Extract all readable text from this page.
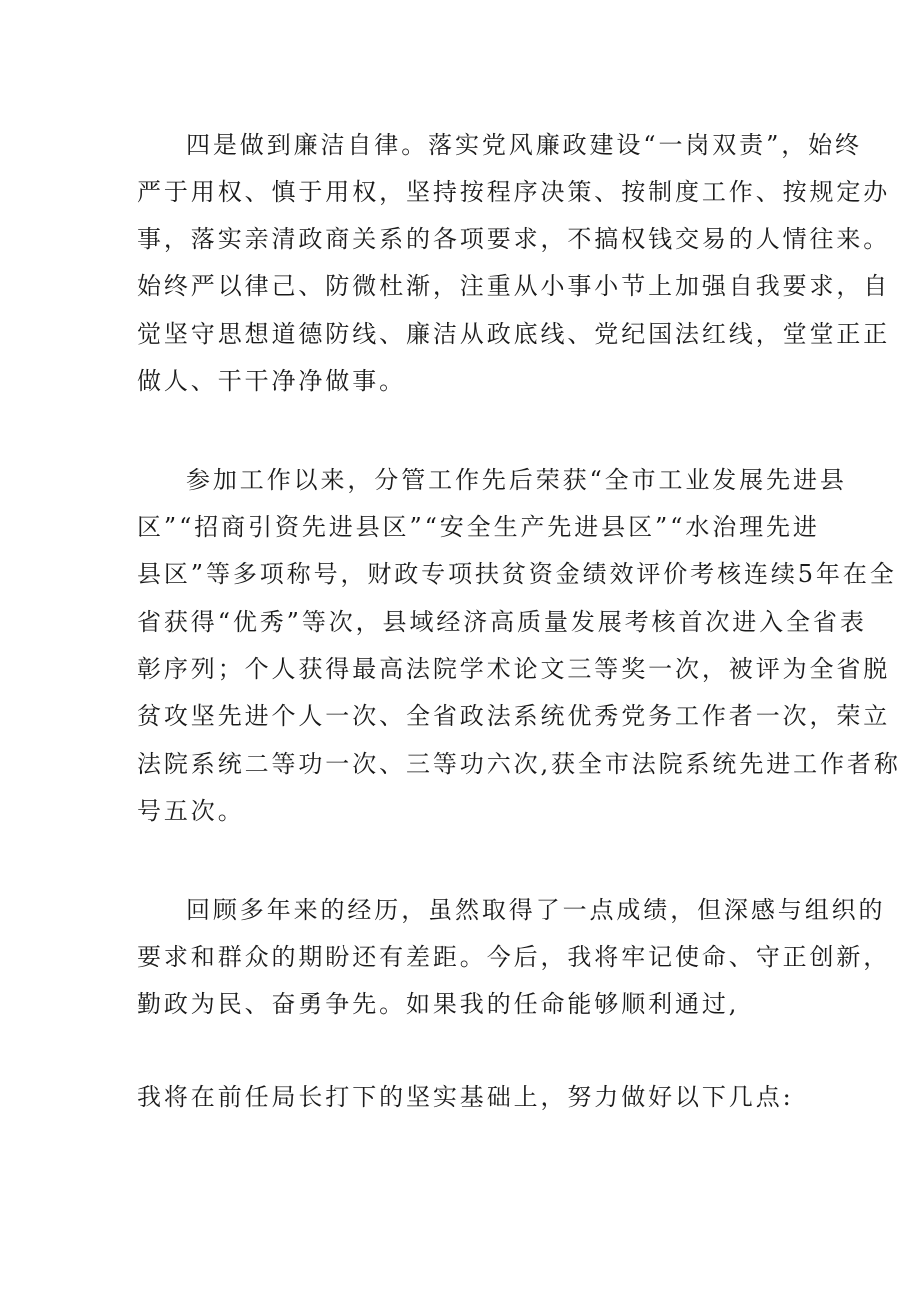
四是做到廉洁自律。落实党风廉政建设“一岗双责”，始终
严于用权、慎于用权，坚持按程序决策、按制度工作、按规定办
事，落实亲清政商关系的各项要求，不搞权钱交易的人情往来。
始终严以律己、防微杜渐，注重从小事小节上加强自我要求，自
觉坚守思想道德防线、廉洁从政底线、党纪国法红线，堂堂正正
做人、干干净净做事。
参加工作以来，分管工作先后荣获“全市工业发展先进县
区”“招商引资先进县区”“安全生产先进县区”“水治理先进
县区”等多项称号，财政专项扶贫资金绩效评价考核连续5年在全
省获得“优秀”等次，县域经济高质量发展考核首次进入全省表
彰序列；个人获得最高法院学术论文三等奖一次，被评为全省脱
贫攻坚先进个人一次、全省政法系统优秀党务工作者一次，荣立
法院系统二等功一次、三等功六次,获全市法院系统先进工作者称
号五次。
回顾多年来的经历，虽然取得了一点成绩，但深感与组织的
要求和群众的期盼还有差距。今后，我将牢记使命、守正创新，
勤政为民、奋勇争先。如果我的任命能够顺利通过,
我将在前任局长打下的坚实基础上，努力做好以下几点:
